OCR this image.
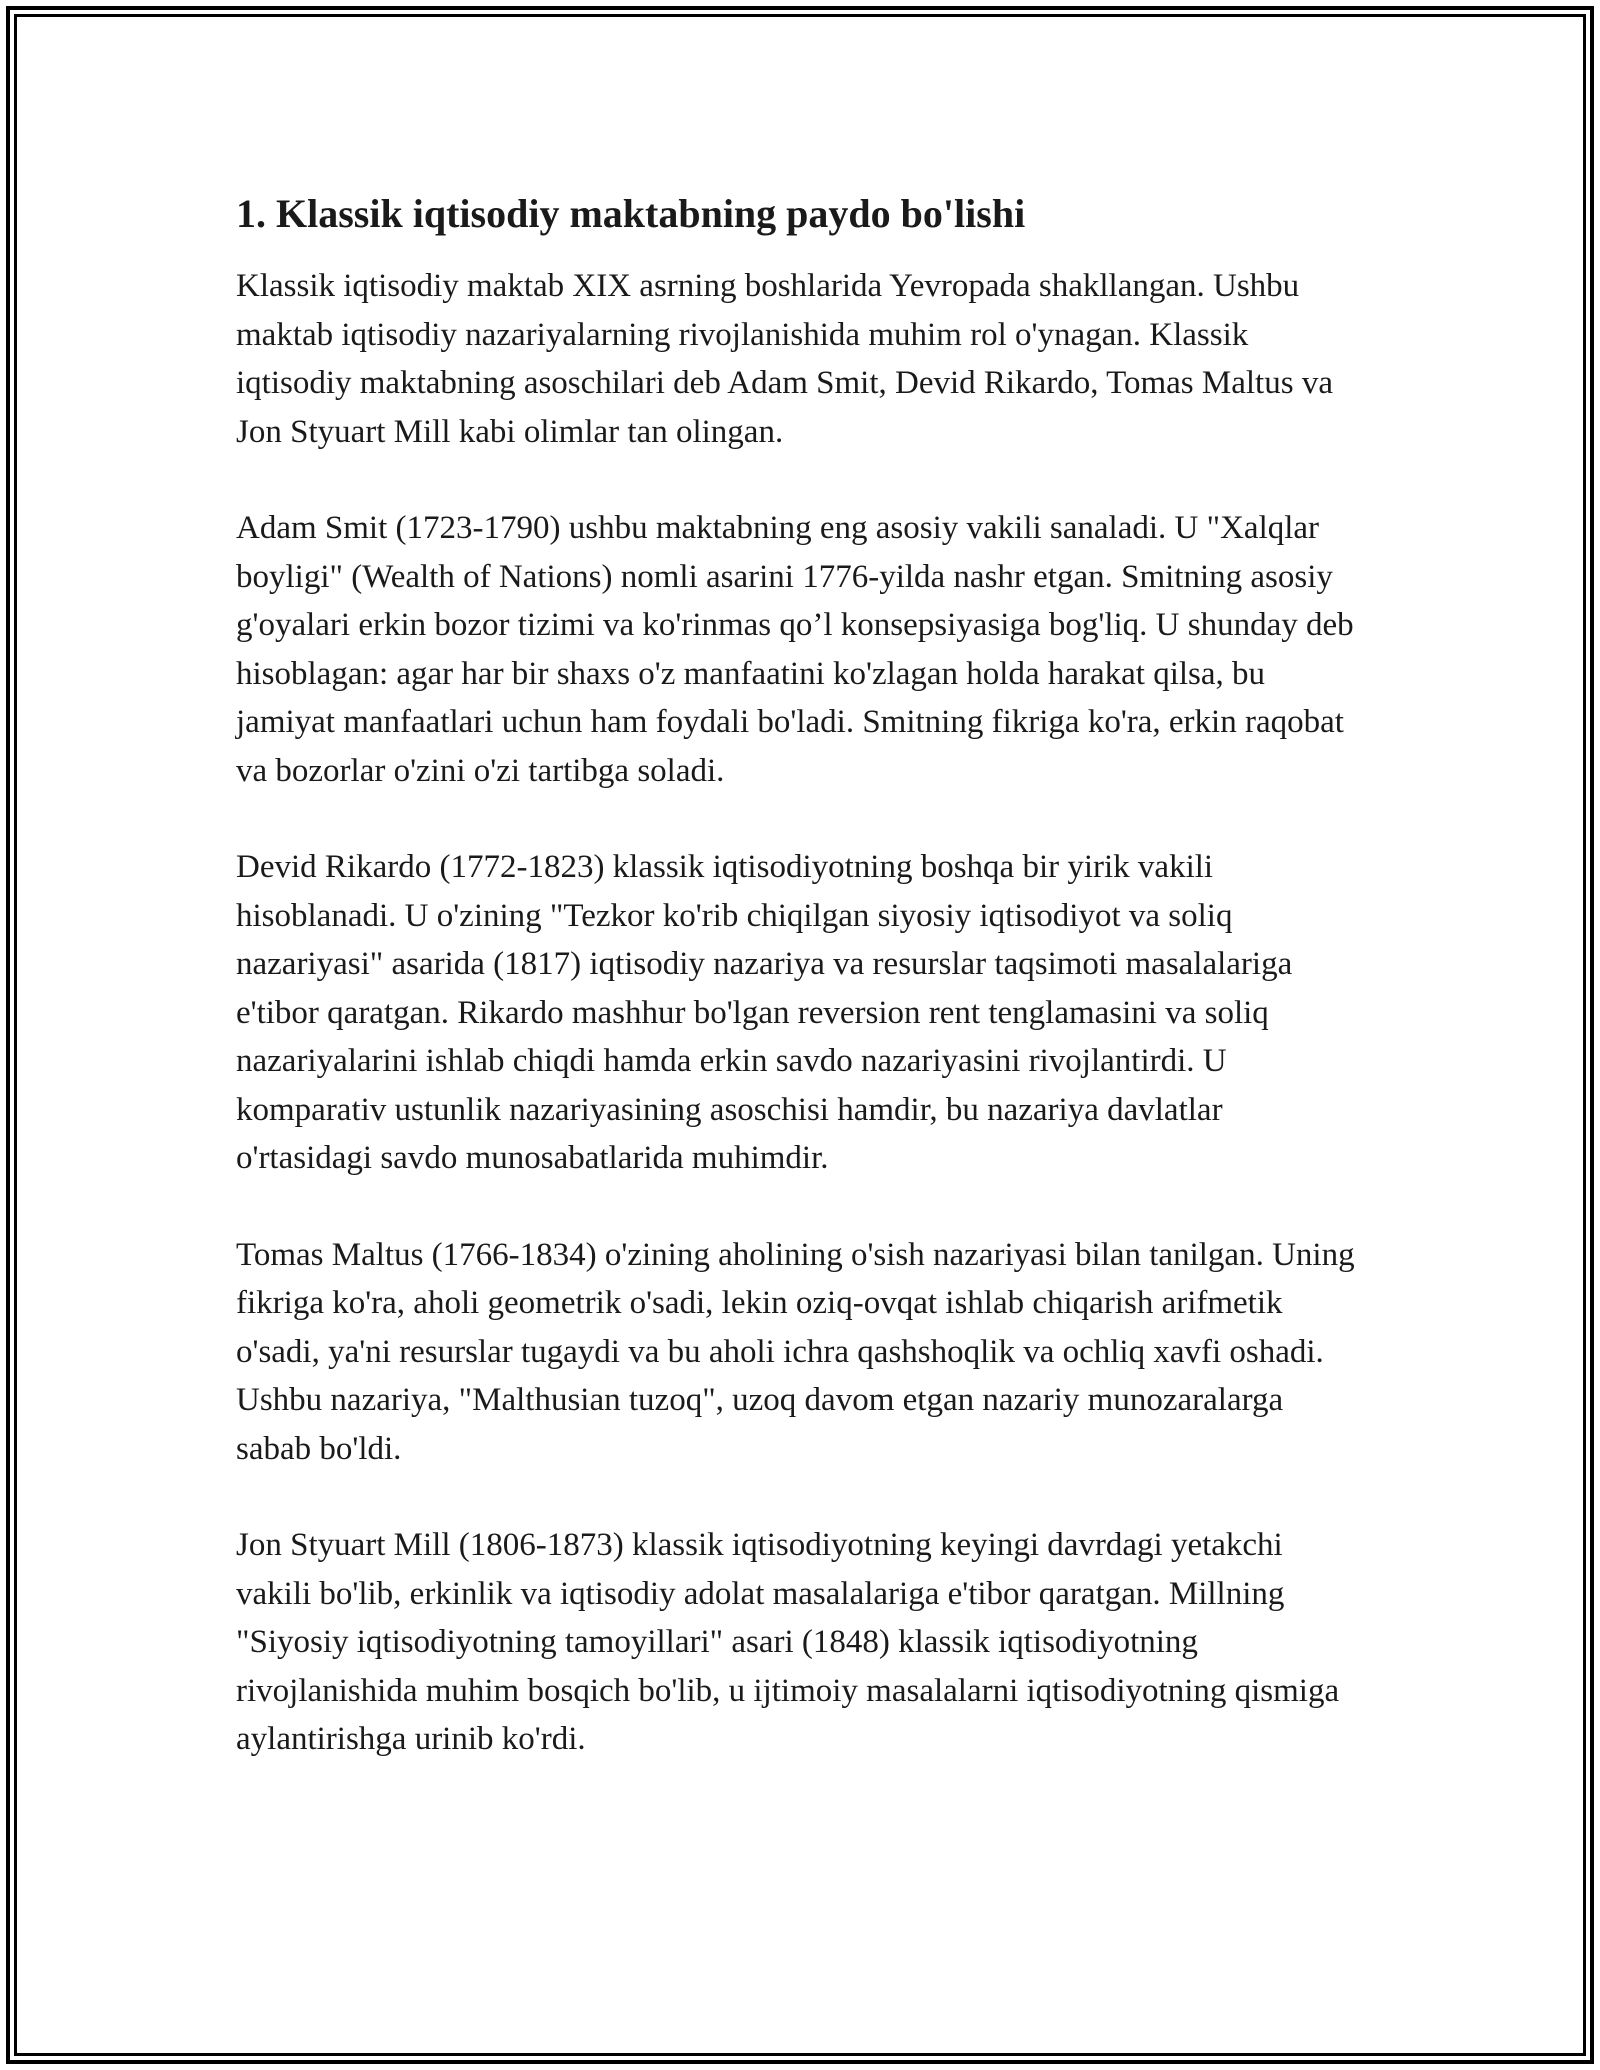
1. Klassik iqtisodiy maktabning paydo bo'lishi

Klassik iqtisodiy maktab XIX asrning boshlarida Yevropada shakllangan. Ushbu maktab iqtisodiy nazariyalarning rivojlanishida muhim rol o'ynagan. Klassik iqtisodiy maktabning asoschilari deb Adam Smit, Devid Rikardo, Tomas Maltus va Jon Styuart Mill kabi olimlar tan olingan.

Adam Smit (1723-1790) ushbu maktabning eng asosiy vakili sanaladi. U "Xalqlar boyligi" (Wealth of Nations) nomli asarini 1776-yilda nashr etgan. Smitning asosiy g'oyalari erkin bozor tizimi va ko'rinmas qo’l konsepsiyasiga bog'liq. U shunday deb hisoblagan: agar har bir shaxs o'z manfaatini ko'zlagan holda harakat qilsa, bu jamiyat manfaatlari uchun ham foydali bo'ladi. Smitning fikriga ko'ra, erkin raqobat va bozorlar o'zini o'zi tartibga soladi.

Devid Rikardo (1772-1823) klassik iqtisodiyotning boshqa bir yirik vakili hisoblanadi. U o'zining "Tezkor ko'rib chiqilgan siyosiy iqtisodiyot va soliq nazariyasi" asarida (1817) iqtisodiy nazariya va resurslar taqsimoti masalalariga e'tibor qaratgan. Rikardo mashhur bo'lgan reversion rent tenglamasini va soliq nazariyalarini ishlab chiqdi hamda erkin savdo nazariyasini rivojlantirdi. U komparativ ustunlik nazariyasining asoschisi hamdir, bu nazariya davlatlar o'rtasidagi savdo munosabatlarida muhimdir.

Tomas Maltus (1766-1834) o'zining aholining o'sish nazariyasi bilan tanilgan. Uning fikriga ko'ra, aholi geometrik o'sadi, lekin oziq-ovqat ishlab chiqarish arifmetik o'sadi, ya'ni resurslar tugaydi va bu aholi ichra qashshoqlik va ochliq xavfi oshadi. Ushbu nazariya, "Malthusian tuzoq", uzoq davom etgan nazariy munozaralarga sabab bo'ldi.

Jon Styuart Mill (1806-1873) klassik iqtisodiyotning keyingi davrdagi yetakchi vakili bo'lib, erkinlik va iqtisodiy adolat masalalariga e'tibor qaratgan. Millning "Siyosiy iqtisodiyotning tamoyillari" asari (1848) klassik iqtisodiyotning rivojlanishida muhim bosqich bo'lib, u ijtimoiy masalalarni iqtisodiyotning qismiga aylantirishga urinib ko'rdi.
